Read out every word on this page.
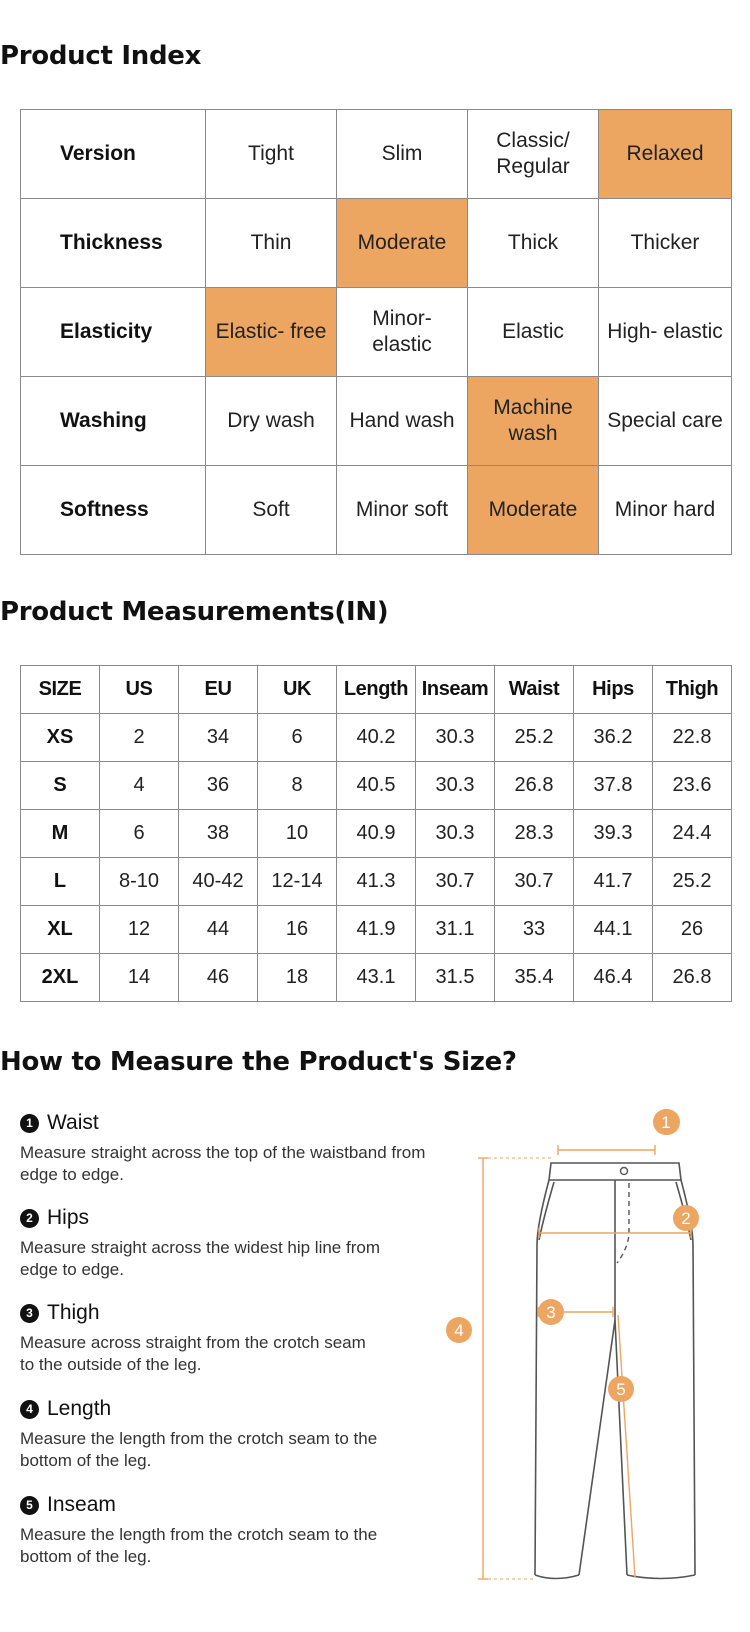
Product Index
Version	Tight	Slim	Classic/ Regular	Relaxed
Thickness	Thin	Moderate	Thick	Thicker
Elasticity	Elastic- free	Minor- elastic	Elastic	High- elastic
Washing	Dry wash	Hand wash	Machine wash	Special care
Softness	Soft	Minor soft	Moderate	Minor hard
Product Measurements(IN)
SIZE	US	EU	UK	Length	Inseam	Waist	Hips	Thigh
XS	2	34	6	40.2	30.3	25.2	36.2	22.8
S	4	36	8	40.5	30.3	26.8	37.8	23.6
M	6	38	10	40.9	30.3	28.3	39.3	24.4
L	8-10	40-42	12-14	41.3	30.7	30.7	41.7	25.2
XL	12	44	16	41.9	31.1	33	44.1	26
2XL	14	46	18	43.1	31.5	35.4	46.4	26.8
How to Measure the Product's Size?
1 Waist
Measure straight across the top of the waistband from edge to edge.
2 Hips
Measure straight across the widest hip line from edge to edge.
3 Thigh
Measure across straight from the crotch seam to the outside of the leg.
4 Length
Measure the length from the crotch seam to the bottom of the leg.
5 Inseam
Measure the length from the crotch seam to the bottom of the leg.
1
2
3
4
5
